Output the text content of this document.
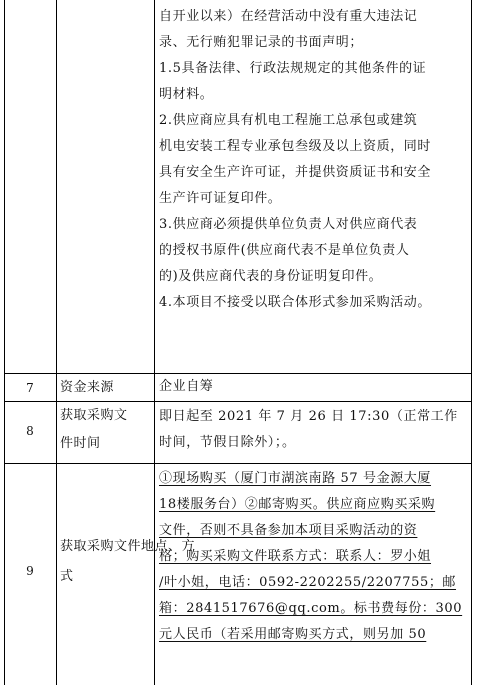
自开业以来）在经营活动中没有重大违法记
录、无行贿犯罪记录的书面声明；
1.5具备法律、行政法规规定的其他条件的证
明材料。
2.供应商应具有机电工程施工总承包或建筑
机电安装工程专业承包叁级及以上资质，同时
具有安全生产许可证，并提供资质证书和安全
生产许可证复印件。
3.供应商必须提供单位负责人对供应商代表
的授权书原件(供应商代表不是单位负责人
的)及供应商代表的身份证明复印件。
4.本项目不接受以联合体形式参加采购活动。
7	资金来源	企业自筹
8
获取采购文
件时间
即日起至 2021 年 7 月 26 日 17:30（正常工作
时间，节假日除外）；。
9
获取采购文件地点、方
式
①现场购买（厦门市湖滨南路 57 号金源大厦
18楼服务台）②邮寄购买。供应商应购买采购
文件，否则不具备参加本项目采购活动的资
格；购买采购文件联系方式：联系人：罗小姐
/叶小姐，电话：0592-2202255/2207755；邮
箱：2841517676@qq.com。标书费每份：300
元人民币（若采用邮寄购买方式，则另加 50
